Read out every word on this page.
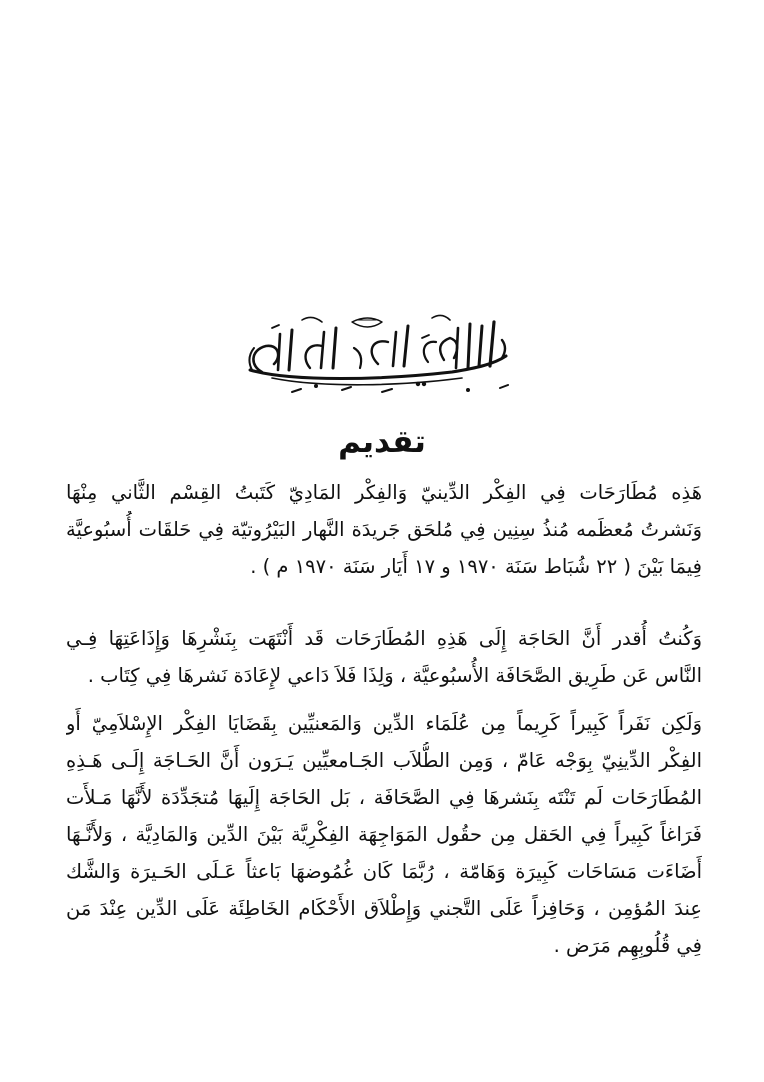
تقديم
هَذِه مُطَارَحَات فِي الفِكْر الدِّينيّ وَالفِكْر المَادِيّ كَتَبتُ القِسْم الثَّاني مِنْهَا
وَنَشرتُ مُعظَمه مُنذُ سِنِين فِي مُلحَق جَريدَة النَّهار البَيْرُوتيّة فِي حَلقَات أُسبُوعيَّة
فِيمَا بَيْنَ ( ٢٢ شُبَاط سَنَة ١٩٧٠ و ١٧ أَيَار سَنَة ١٩٧٠ م ) .
وَكُنتُ أُقدر أَنَّ الحَاجَة إِلَى هَذِهِ المُطَارَحَات قَد أَنْتَهَت بِنَشْرِهَا وَإِذَاعَتِهَا فِـي
النَّاس عَن طَرِيق الصَّحَافَة الأُسبُوعيَّة ، وَلِذَا فَلاَ دَاعي لإِعَادَة نَشرهَا فِي كِتَاب .
وَلَكِن نَفَراً كَبِيراً كَرِيماً مِن عُلَمَاء الدِّين وَالمَعنيِّين بِقَضَايَا الفِكْر الإِسْلاَمِيّ أَو
الفِكْر الدِّينِيّ بِوَجْه عَامّ ، وَمِن الطُّلاَب الجَـامعيِّين يَـرَون أَنَّ الحَـاجَة إِلَـى هَـذِهِ
المُطَارَحَات لَم تَنْتَه بِنَشرهَا فِي الصَّحَافَة ، بَل الحَاجَة إِلَيهَا مُتجَدِّدَة لأَنَّهَا مَـلأَت
فَرَاغاً كَبِيراً فِي الحَقل مِن حقُول المَوَاجِهَة الفِكْرِيَّة بَيْنَ الدِّين وَالمَادِيَّة ، وَلأَنَّـهَا
أَضَاءَت مَسَاحَات كَبِيرَة وَهَامّة ، رُبَّمَا كَان غُمُوضهَا بَاعثاً عَـلَى الحَـيرَة وَالشَّك
عِندَ المُؤمِن ، وَحَافِزاً عَلَى التَّجني وَإِطْلاَق الأَحْكَام الخَاطِئَة عَلَى الدِّين عِنْدَ مَن
فِي قُلُوبِهِم مَرَض .
